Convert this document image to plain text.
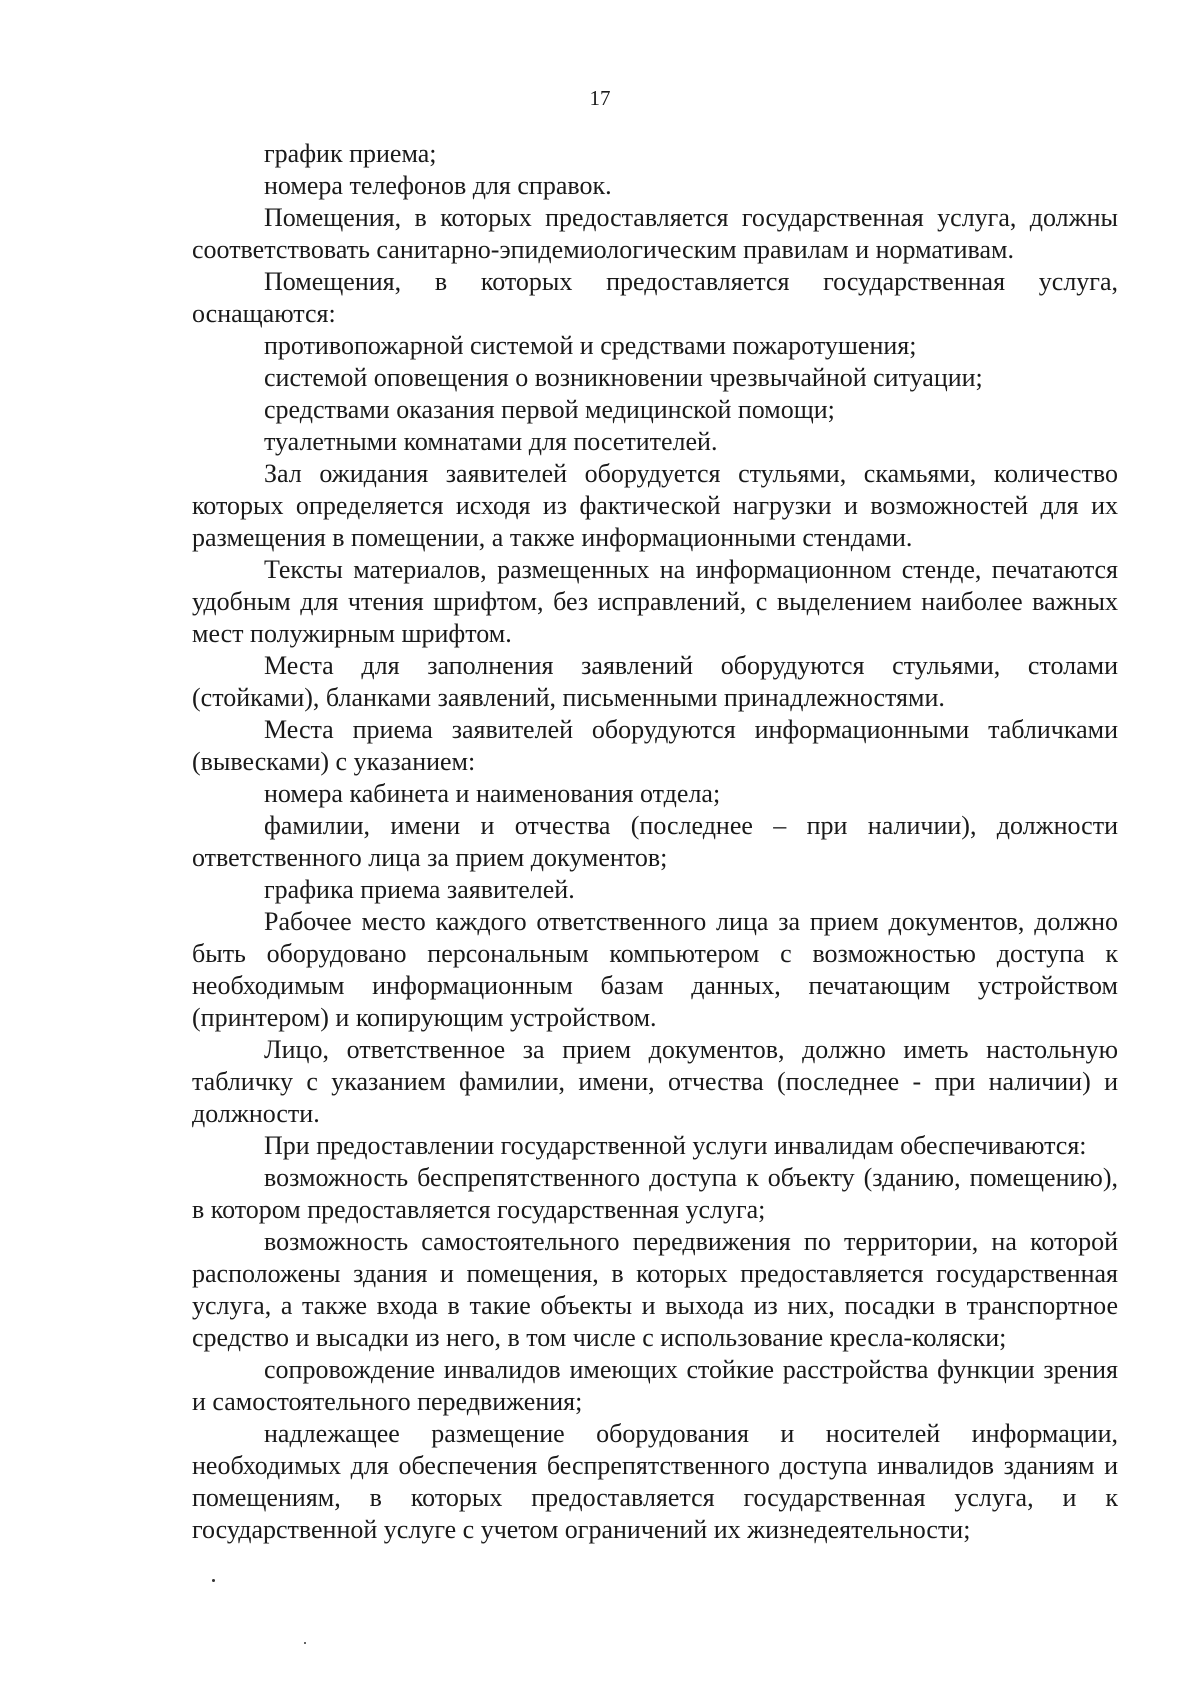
17

график приема;

номера телефонов для справок.

Помещения, в которых предоставляется государственная услуга, должны соответствовать санитарно-эпидемиологическим правилам и нормативам.

Помещения, в которых предоставляется государственная услуга, оснащаются:

противопожарной системой и средствами пожаротушения;

системой оповещения о возникновении чрезвычайной ситуации;

средствами оказания первой медицинской помощи;

туалетными комнатами для посетителей.

Зал ожидания заявителей оборудуется стульями, скамьями, количество которых определяется исходя из фактической нагрузки и возможностей для их размещения в помещении, а также информационными стендами.

Тексты материалов, размещенных на информационном стенде, печатаются удобным для чтения шрифтом, без исправлений, с выделением наиболее важных мест полужирным шрифтом.

Места для заполнения заявлений оборудуются стульями, столами (стойками), бланками заявлений, письменными принадлежностями.

Места приема заявителей оборудуются информационными табличками (вывесками) с указанием:

номера кабинета и наименования отдела;

фамилии, имени и отчества (последнее – при наличии), должности ответственного лица за прием документов;

графика приема заявителей.

Рабочее место каждого ответственного лица за прием документов, должно быть оборудовано персональным компьютером с возможностью доступа к необходимым информационным базам данных, печатающим устройством (принтером) и копирующим устройством.

Лицо, ответственное за прием документов, должно иметь настольную табличку с указанием фамилии, имени, отчества (последнее - при наличии) и должности.

При предоставлении государственной услуги инвалидам обеспечиваются:

возможность беспрепятственного доступа к объекту (зданию, помещению), в котором предоставляется государственная услуга;

возможность самостоятельного передвижения по территории, на которой расположены здания и помещения, в которых предоставляется государственная услуга, а также входа в такие объекты и выхода из них, посадки в транспортное средство и высадки из него, в том числе с использование кресла-коляски;

сопровождение инвалидов имеющих стойкие расстройства функции зрения и самостоятельного передвижения;

надлежащее размещение оборудования и носителей информации, необходимых для обеспечения беспрепятственного доступа инвалидов зданиям и помещениям, в которых предоставляется государственная услуга, и к государственной услуге с учетом ограничений их жизнедеятельности;
